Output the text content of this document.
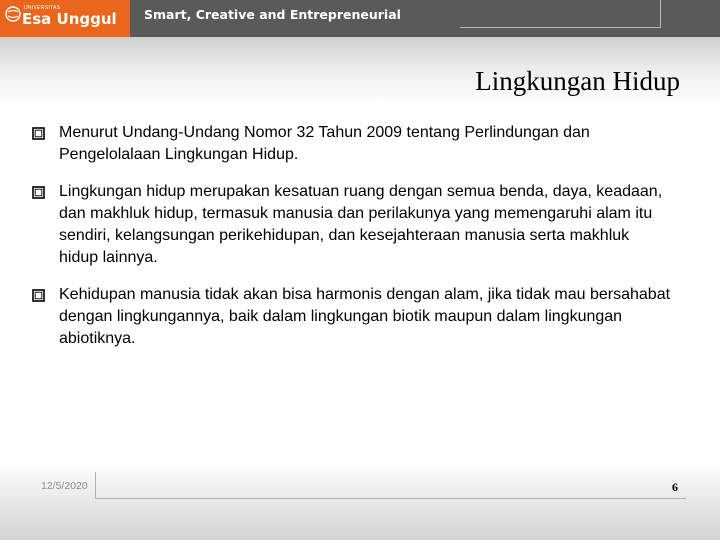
UNIVERSITAS
Esa Unggul Smart, Creative and Entrepreneurial
Lingkungan Hidup
Menurut Undang-Undang Nomor 32 Tahun 2009 tentang Perlindungan dan Pengelolalaan Lingkungan Hidup.
Lingkungan hidup merupakan kesatuan ruang dengan semua benda, daya, keadaan, dan makhluk hidup, termasuk manusia dan perilakunya yang memengaruhi alam itu sendiri, kelangsungan perikehidupan, dan kesejahteraan manusia serta makhluk hidup lainnya.
Kehidupan manusia tidak akan bisa harmonis dengan alam, jika tidak mau bersahabat dengan lingkungannya, baik dalam lingkungan biotik maupun dalam lingkungan abiotiknya.
12/5/2020	6
